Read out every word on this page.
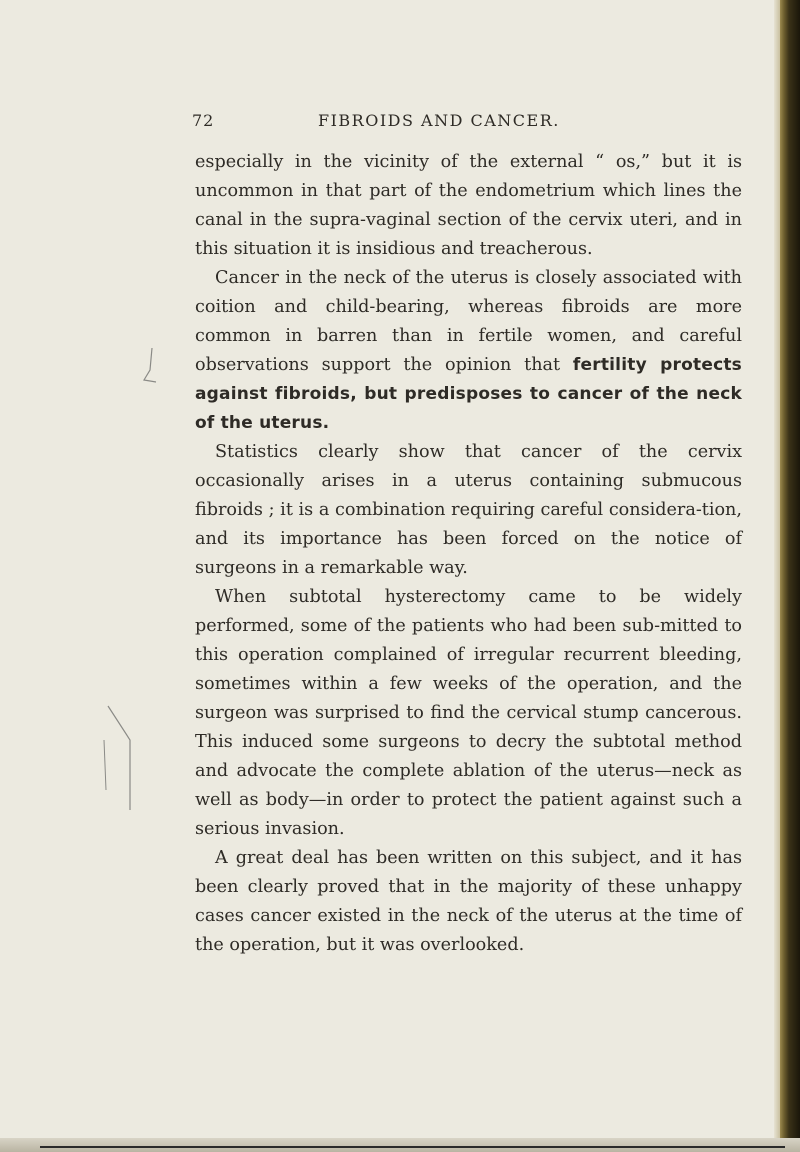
72	FIBROIDS AND CANCER.

especially in the vicinity of the external “ os,” but it is uncommon in that part of the endometrium which lines the canal in the supra-vaginal section of the cervix uteri, and in this situation it is insidious and treacherous.

Cancer in the neck of the uterus is closely associated with coition and child-bearing, whereas fibroids are more common in barren than in fertile women, and careful observations support the opinion that fertility protects against fibroids, but predisposes to cancer of the neck of the uterus.

Statistics clearly show that cancer of the cervix occasionally arises in a uterus containing submucous fibroids ; it is a combination requiring careful considera-tion, and its importance has been forced on the notice of surgeons in a remarkable way.

When subtotal hysterectomy came to be widely performed, some of the patients who had been sub-mitted to this operation complained of irregular recurrent bleeding, sometimes within a few weeks of the operation, and the surgeon was surprised to find the cervical stump cancerous. This induced some surgeons to decry the subtotal method and advocate the complete ablation of the uterus—neck as well as body—in order to protect the patient against such a serious invasion.

A great deal has been written on this subject, and it has been clearly proved that in the majority of these unhappy cases cancer existed in the neck of the uterus at the time of the operation, but it was overlooked.
